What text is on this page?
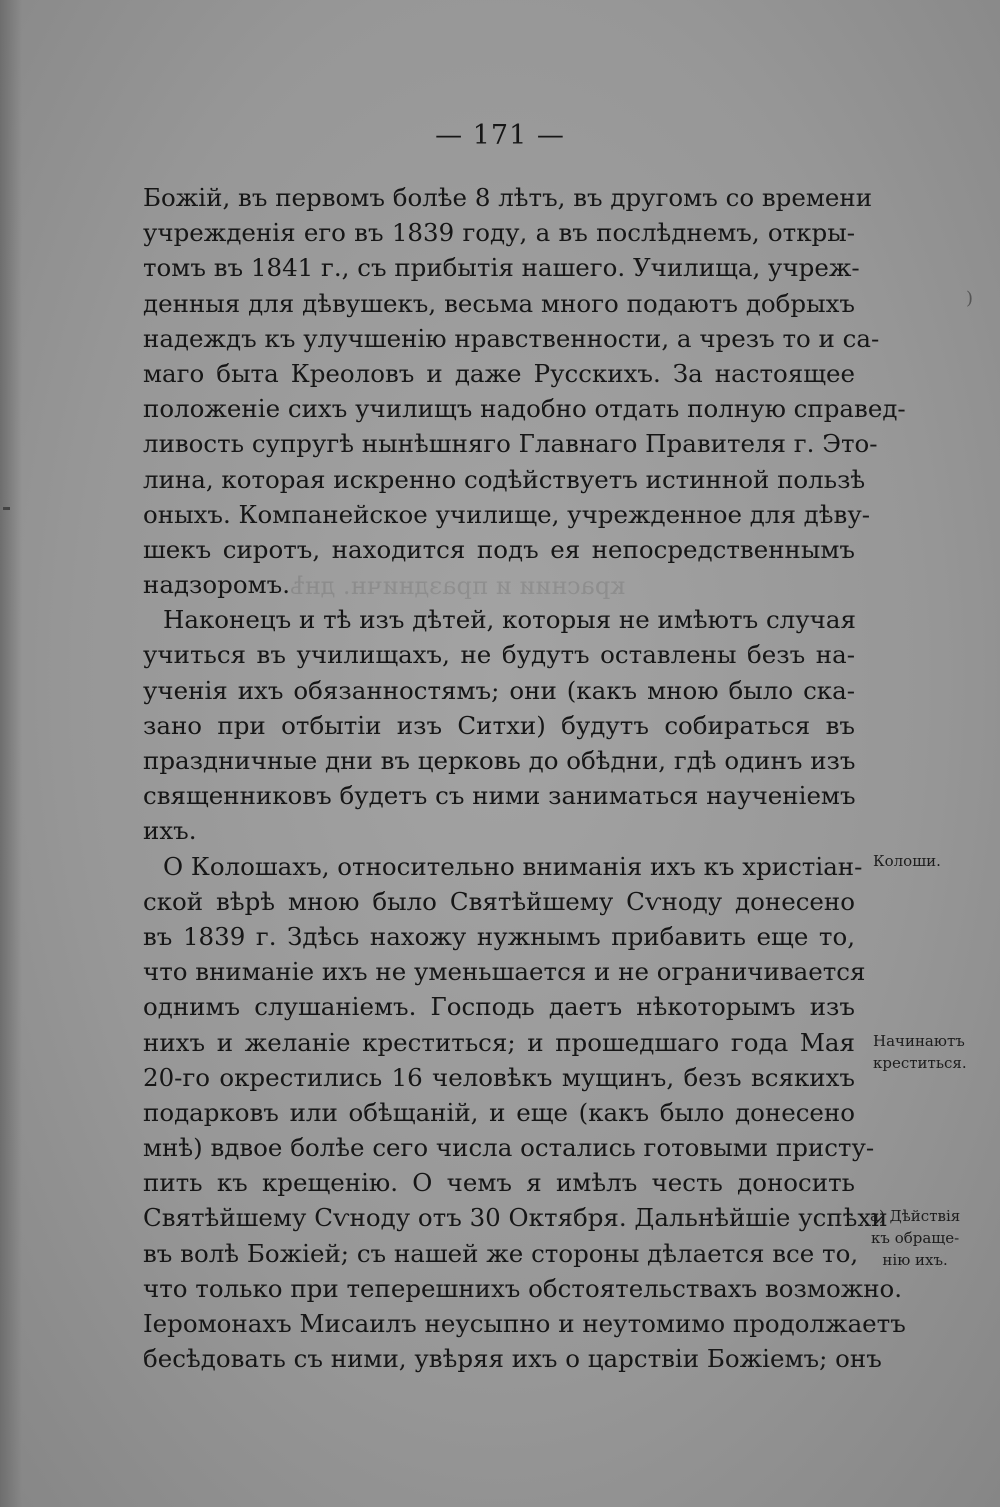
)
краснии и праздничн. днѣ
— 171 —
Божій, въ первомъ болѣе 8 лѣтъ, въ другомъ со времени
учрежденія его въ 1839 году, а въ послѣднемъ, откры-
томъ въ 1841 г., съ прибытія нашего. Училища, учреж-
денныя для дѣвушекъ, весьма много подаютъ добрыхъ
надеждъ къ улучшенію нравственности, а чрезъ то и са-
маго быта Креоловъ и даже Русскихъ. За настоящее
положеніе сихъ училищъ надобно отдать полную справед-
ливость супругѣ нынѣшняго Главнаго Правителя г. Это-
лина, которая искренно содѣйствуетъ истинной пользѣ
оныхъ. Компанейское училище, учрежденное для дѣву-
шекъ сиротъ, находится подъ ея непосредственнымъ
надзоромъ.
Наконецъ и тѣ изъ дѣтей, которыя не имѣютъ случая
учиться въ училищахъ, не будутъ оставлены безъ на-
ученія ихъ обязанностямъ; они (какъ мною было ска-
зано при отбытіи изъ Ситхи) будутъ собираться въ
праздничные дни въ церковь до обѣдни, гдѣ одинъ изъ
священниковъ будетъ съ ними заниматься наученіемъ
ихъ.
О Колошахъ, относительно вниманія ихъ къ христіан-
ской вѣрѣ мною было Святѣйшему Сѵноду донесено
въ 1839 г. Здѣсь нахожу нужнымъ прибавить еще то,
что вниманіе ихъ не уменьшается и не ограничивается
однимъ слушаніемъ. Господь даетъ нѣкоторымъ изъ
нихъ и желаніе креститься; и прошедшаго года Мая
20-го окрестились 16 человѣкъ мущинъ, безъ всякихъ
подарковъ или обѣщаній, и еще (какъ было донесено
мнѣ) вдвое болѣе сего числа остались готовыми присту-
пить къ крещенію. О чемъ я имѣлъ честь доносить
Святѣйшему Сѵноду отъ 30 Октября. Дальнѣйшіе успѣхи
въ волѣ Божіей; съ нашей же стороны дѣлается все то,
что только при теперешнихъ обстоятельствахъ возможно.
Іеромонахъ Мисаилъ неусыпно и неутомимо продолжаетъ
бесѣдовать съ ними, увѣряя ихъ о царствіи Божіемъ; онъ
Колоши.
Начинаютъ
креститься.
а) Дѣйствія
къ обраще-
нію ихъ.
